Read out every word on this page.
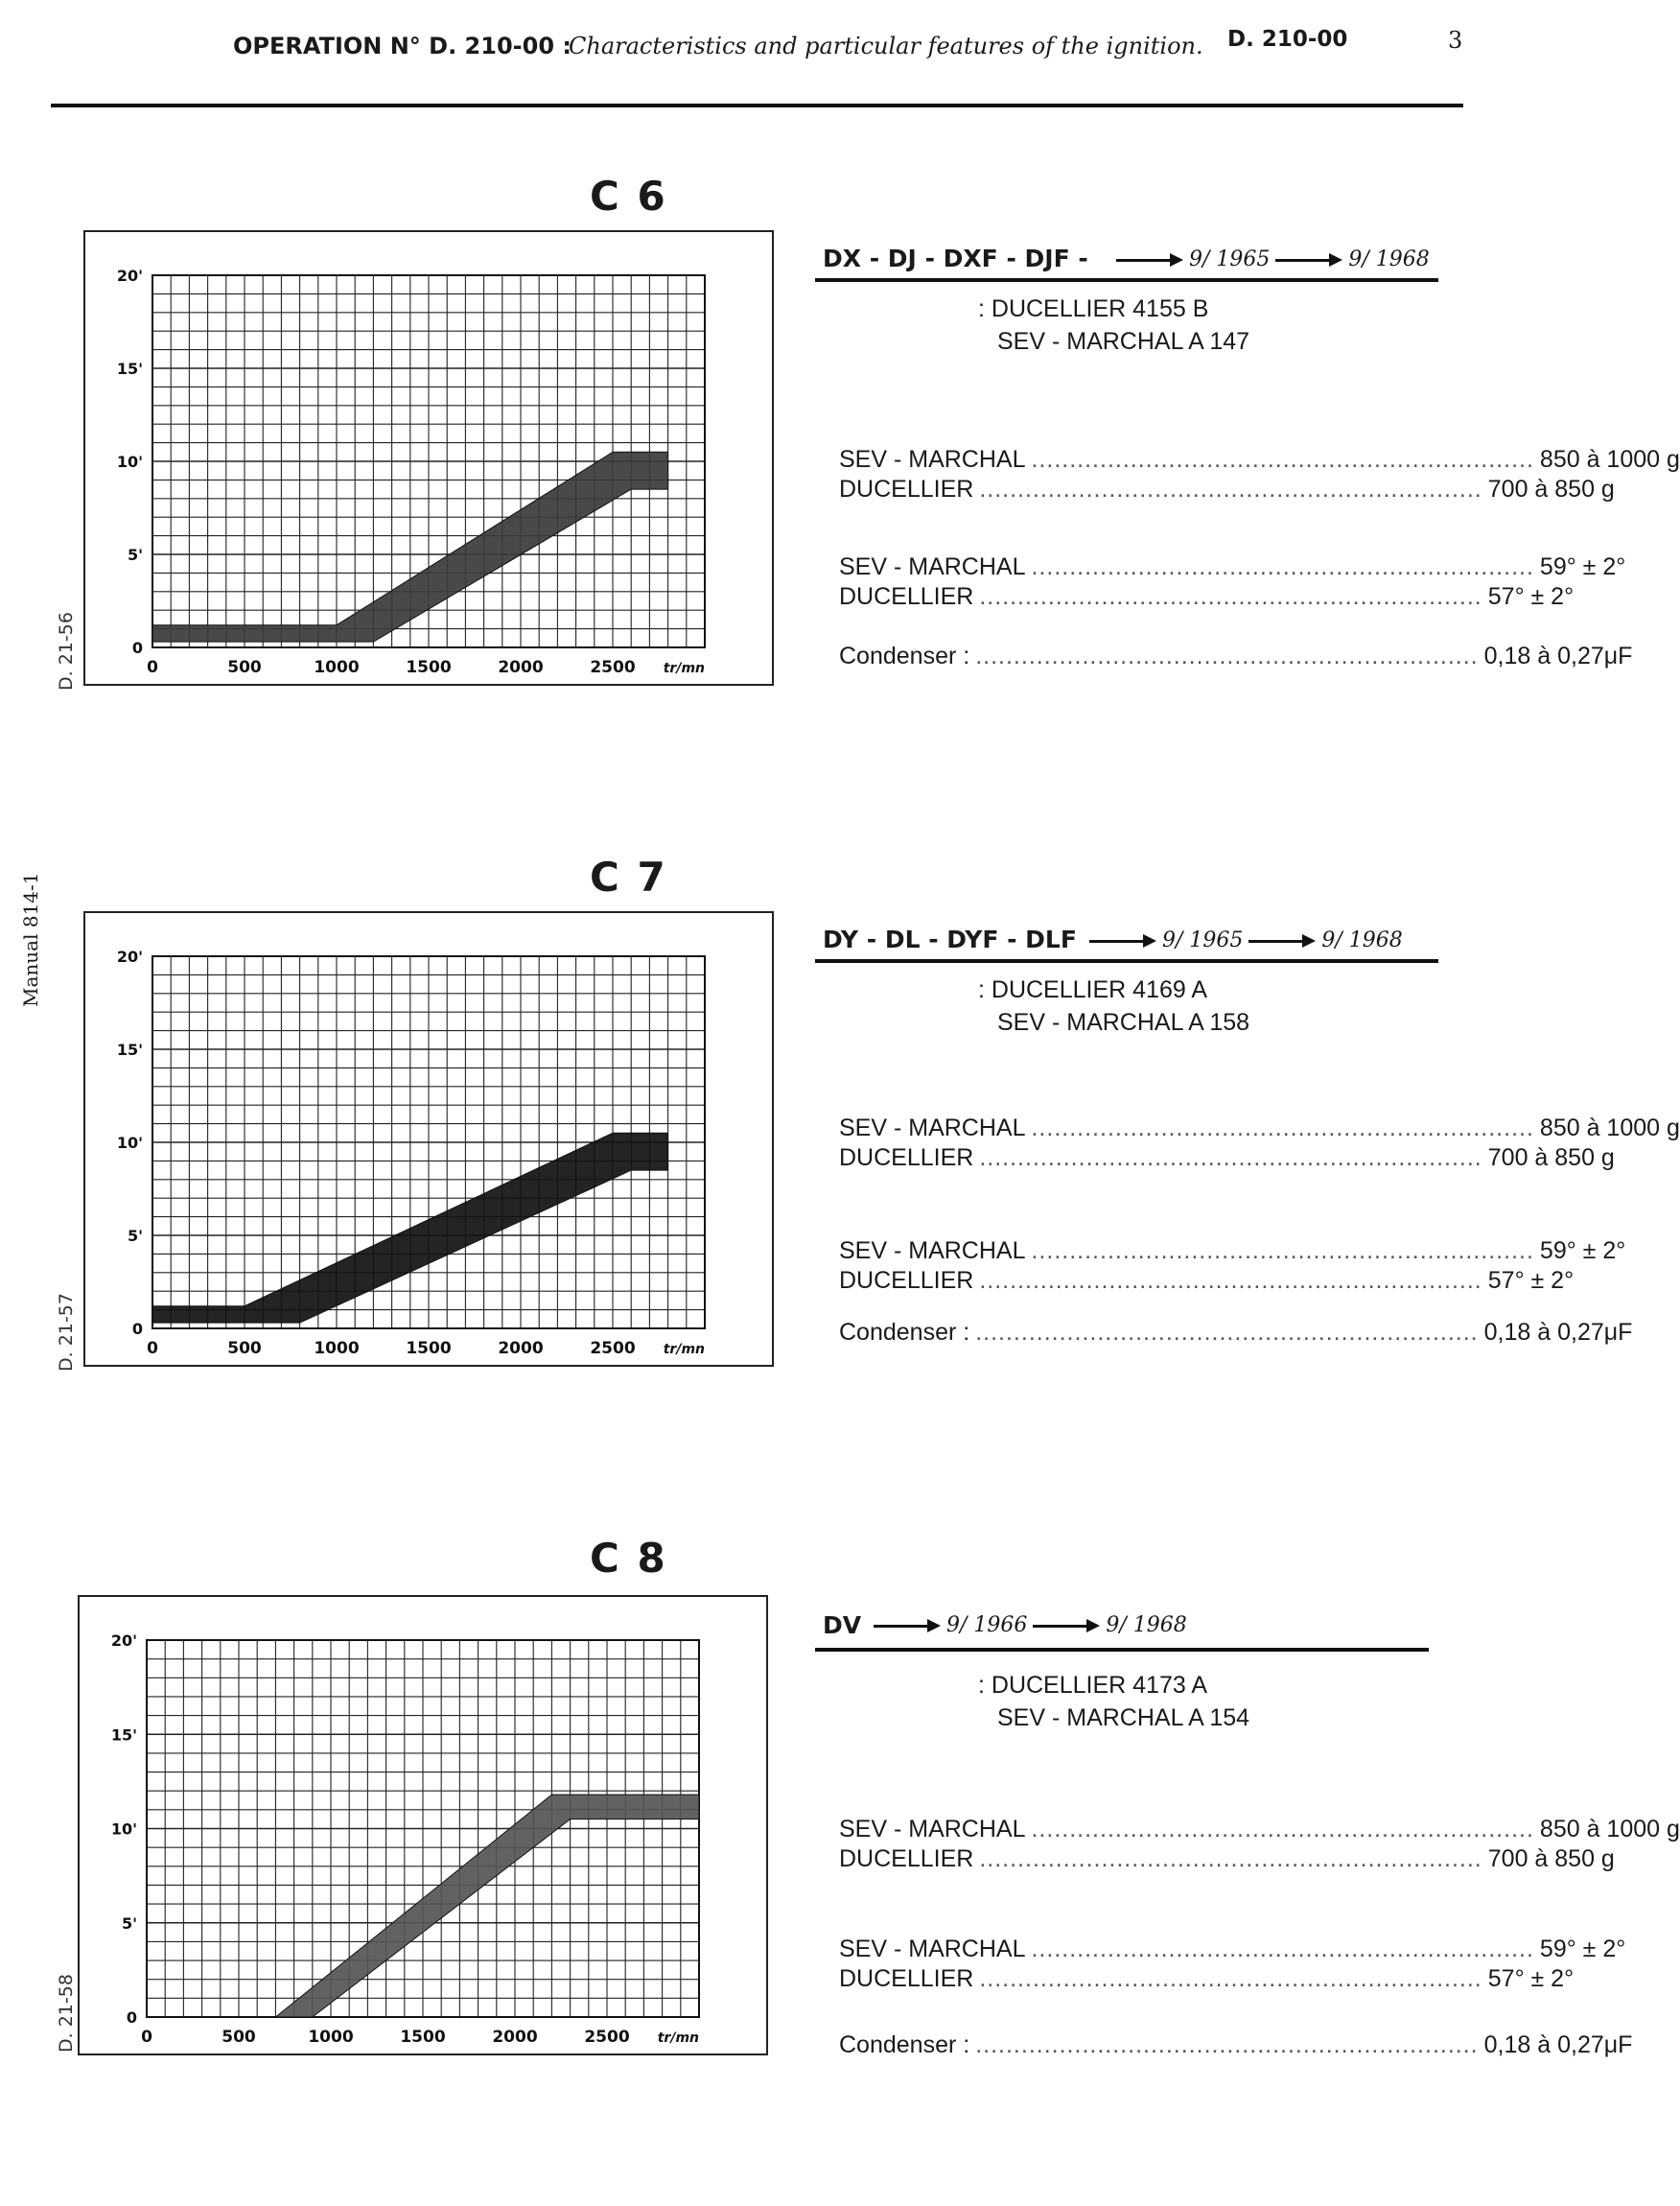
OPERATION N° D. 210-00 :
Characteristics and particular features of the ignition. D. 210-00	3
Manual 814-1
C 6
0	500	1000	1500	2000	2500 tr/mn
0
5'
10'
15'
20'
D. 21-56
DX - DJ - DXF - DJF -	9/ 1965	9/ 1968
: DUCELLIER 4155 B
SEV - MARCHAL A 147
SEV - MARCHAL .................................................................. 850 à 1000 g
DUCELLIER .................................................................. 700 à 850 g
SEV - MARCHAL .................................................................. 59° ± 2°
DUCELLIER .................................................................. 57° ± 2°
Condenser : .................................................................. 0,18 à 0,27μF
C 7
0	500	1000	1500	2000	2500 tr/mn
0
5'
10'
15'
20'
D. 21-57
DY - DL - DYF - DLF	9/ 1965	9/ 1968
: DUCELLIER 4169 A
SEV - MARCHAL A 158
SEV - MARCHAL .................................................................. 850 à 1000 g
DUCELLIER .................................................................. 700 à 850 g
SEV - MARCHAL .................................................................. 59° ± 2°
DUCELLIER .................................................................. 57° ± 2°
Condenser : .................................................................. 0,18 à 0,27μF
C 8
0	500	1000	1500	2000	2500 tr/mn
0
5'
10'
15'
20'
D. 21-58
DV	9/ 1966	9/ 1968
: DUCELLIER 4173 A
SEV - MARCHAL A 154
SEV - MARCHAL .................................................................. 850 à 1000 g
DUCELLIER .................................................................. 700 à 850 g
SEV - MARCHAL .................................................................. 59° ± 2°
DUCELLIER .................................................................. 57° ± 2°
Condenser : .................................................................. 0,18 à 0,27μF
